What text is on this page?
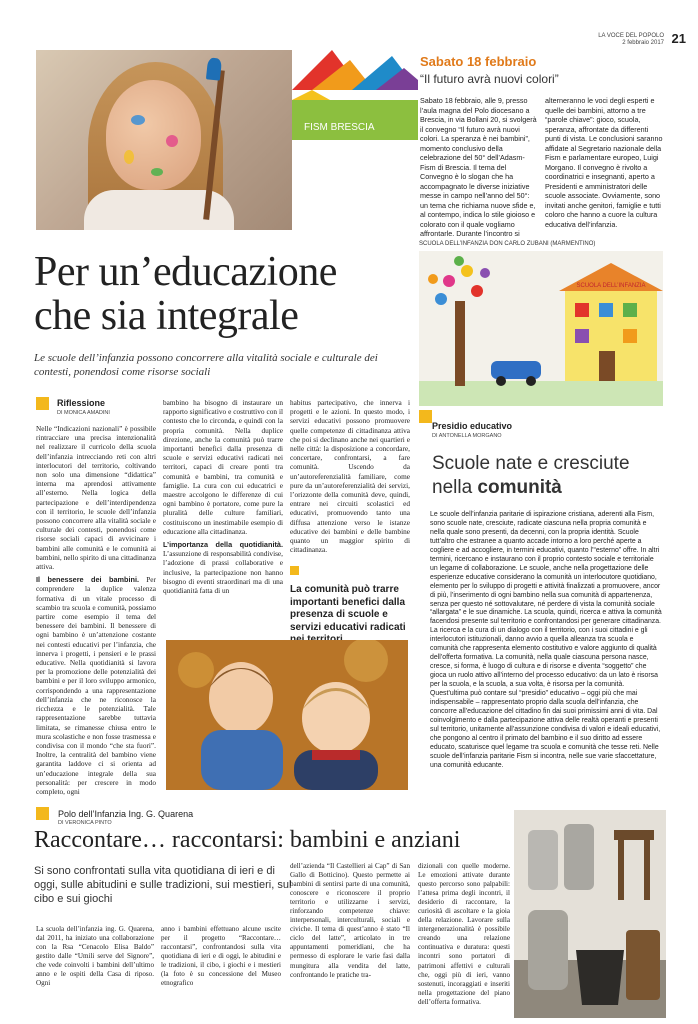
LA VOCE DEL POPOLO
2 febbraio 2017 21
FISM BRESCIA
Sabato 18 febbraio
“Il futuro avrà nuovi colori”

Sabato 18 febbraio, alle 9, presso l’aula magna del Polo diocesano a Brescia, in via Bollani 20, si svolgerà il convegno “Il futuro avrà nuovi colori. La speranza è nei bambini”, momento conclusivo della celebrazione del 50° dell’Adasm-Fism di Brescia. Il tema del Convegno è lo slogan che ha accompagnato le diverse iniziative messe in campo nell’anno del 50°: un tema che richiama nuove sfide e, al contempo, indica lo stile gioioso e colorato con il quale vogliamo affrontarle. Durante l’incontro si

alterneranno le voci degli esperti e quelle dei bambini, attorno a tre “parole chiave”: gioco, scuola, speranza, affrontate da differenti punti di vista. Le conclusioni saranno affidate al Segretario nazionale della Fism e parlamentare europeo, Luigi Morgano. Il convegno è rivolto a coordinatrici e insegnanti, aperto a Presidenti e amministratori delle scuole associate. Ovviamente, sono invitati anche genitori, famiglie e tutti coloro che hanno a cuore la cultura educativa dell’infanzia.

SCUOLA DELL’INFANZIA DON CARLO ZUBANI (MARMENTINO)
SCUOLA DELL’INFANZIA
Per un’educazione
che sia integrale
Le scuole dell’infanzia possono concorrere alla vitalità sociale e culturale dei contesti, ponendosi come risorse sociali
Riflessione
DI MONICA AMADINI

Nelle “Indicazioni nazionali” è possibile rintracciare una precisa intenzionalità nel realizzare il curricolo della scuola dell’infanzia intrecciando reti con altri interlocutori del territorio, coltivando non solo una dimensione “didattica” interna ma aprendosi attivamente all’esterno. Nella logica della partecipazione e dell’interdipendenza con il territorio, le scuole dell’infanzia possono concorrere alla vitalità sociale e culturale dei contesti, ponendosi come risorse sociali capaci di avvicinare i bambini alle comunità e le comunità ai bambini, nello spirito di una cittadinanza attiva.

Il benessere dei bambini. Per comprendere la duplice valenza formativa di un vitale processo di scambio tra scuola e comunità, possiamo partire come esempio il tema del benessere dei bambini. Il benessere di ogni bambino è un’attenzione costante nei contesti educativi per l’infanzia, che innerva i progetti, i pensieri e le prassi educative. Nella quotidianità si lavora per la promozione delle potenzialità dei bambini e per il loro sviluppo armonico, corrispondendo a una rappresentazione dell’infanzia che ne riconosce la ricchezza e le potenzialità. Tale rappresentazione sarebbe tuttavia limitata, se rimanesse chiusa entro le mura scolastiche e non fosse trasmessa e condivisa con il mondo “che sta fuori”. Inoltre, la centralità del bambino viene garantita laddove ci si orienta ad un’educazione integrale della sua personalità: per crescere in modo completo, ogni

bambino ha bisogno di instaurare un rapporto significativo e costruttivo con il contesto che lo circonda, e quindi con la propria comunità. Nella duplice direzione, anche la comunità può trarre importanti benefici dalla presenza di scuole e servizi educativi radicati nei territori, capaci di creare ponti tra comunità e bambini, tra comunità e famiglie. La cura con cui educatrici e maestre accolgono le differenze di cui ogni bambino è portatore, come pure la pluralità delle culture familiari, costituiscono un inestimabile esempio di educazione alla cittadinanza.

L’importanza della quotidianità. L’assunzione di responsabilità condivise, l’adozione di prassi collaborative e inclusive, la partecipazione non hanno bisogno di eventi straordinari ma di una quotidianità fatta di un

habitus partecipativo, che innerva i progetti e le azioni. In questo modo, i servizi educativi possono promuovere quelle competenze di cittadinanza attiva che poi si declinano anche nei quartieri e nelle città: la disposizione a concordare, concertare, confrontarsi, a fare comunità. Uscendo da un’autoreferenzialità familiare, come pure da un’autoreferenzialità dei servizi, l’orizzonte della comunità deve, quindi, entrare nei circuiti scolastici ed educativi, promuovendo tanto una diffusa attenzione verso le istanze educative dei bambini e delle bambine quanto un maggior spirito di cittadinanza.

La comunità può trarre importanti benefici dalla presenza di scuole e servizi educativi radicati
Presidio educativo
DI ANTONELLA MORGANO
Scuole nate e cresciute
nella comunità

Le scuole dell’infanzia paritarie di ispirazione cristiana, aderenti alla Fism, sono scuole nate, cresciute, radicate ciascuna nella propria comunità e nella quale sono presenti, da decenni, con la propria identità. Scuole tutt’altro che estranee a quanto accade intorno a loro perché aperte a cogliere e ad accogliere, in termini educativi, quanto l’“esterno” offre. In altri termini, ricercano e instaurano con il proprio contesto sociale e territoriale un legame di collaborazione. Le scuole, anche nella progettazione delle esperienze educative considerano la comunità un interlocutore quotidiano, elemento per lo sviluppo di progetti e attività finalizzati a promuovere, ancor di più, l’inserimento di ogni bambino nella sua comunità di appartenenza, senza per questo né sottovalutare, né perdere di vista la comunità sociale “allargata” e le sue dinamiche. La scuola, quindi, ricerca e attiva la comunità facendosi presente sul territorio e confrontandosi per generare cittadinanza. La ricerca e la cura di un dialogo con il territorio, con i suoi cittadini e gli interlocutori istituzionali, danno avvio a quella alleanza tra scuola e comunità che rappresenta elemento costitutivo e valore aggiunto di qualità dell’offerta formativa. La comunità, nella quale ciascuna persona nasce, cresce, si forma, è luogo di cultura e di risorse e diventa “soggetto” che gioca un ruolo attivo all’interno del processo educativo: da un lato è risorsa per la scuola, e la scuola, a sua volta, è risorsa per la comunità. Quest’ultima può contare sul “presidio” educativo – oggi più che mai indispensabile – rappresentato proprio dalla scuola dell’infanzia, che concorre all’educazione del cittadino fin dai suoi primissimi anni di vita. Dal coinvolgimento e dalla partecipazione attiva delle realtà operanti e presenti sul territorio, unitamente all’assunzione condivisa di valori e ideali educativi, che pongono al centro il primato del bambino e il suo diritto ad essere educato, scaturisce quel legame tra scuola e comunità che tesse reti. Nelle scuole dell’infanzia paritarie Fism si incontra, nelle sue varie sfaccettature, una comunità educante.

Polo dell’Infanzia Ing. G. Quarena
DI VERONICA PINTO
Raccontare… raccontarsi: bambini e anziani
Si sono confrontati sulla vita quotidiana di ieri e di oggi, sulle abitudini e sulle tradizioni, sui mestieri, sul cibo e sui giochi

La scuola dell’infanzia ing. G. Quarena, dal 2011, ha iniziato una collaborazione con la Rsa “Cenacolo Elisa Baldo” gestito dalle “Umili serve del Signore”, che vede coinvolti i bambini dell’ultimo anno e le ospiti della Casa di riposo. Ogni

anno i bambini effettuano alcune uscite per il progetto “Raccontare… raccontarsi”, confrontandosi sulla vita quotidiana di ieri e di oggi, le abitudini e le tradizioni, il cibo, i giochi e i mestieri (la foto è su concessione del Museo etnografico

dell’azienda “Il Castellieri ai Cap” di San Gallo di Botticino). Questo permette ai bambini di sentirsi parte di una comunità, conoscere e riconoscere il proprio territorio e utilizzarne i servizi, rinforzando competenze chiave: interpersonali, interculturali, sociali e civiche. Il tema di quest’anno è stato “Il ciclo del latte”, articolato in tre appuntamenti pomeridiani, che ha permesso di esplorare le varie fasi dalla mungitura alla vendita del latte, confrontando le pratiche tra-

dizionali con quelle moderne. Le emozioni attivate durante questo percorso sono palpabili: l’attesa prima degli incontri, il desiderio di raccontare, la curiosità di ascoltare e la gioia della relazione. Lavorare sulla intergenerazionalità è possibile creando una relazione continuativa e duratura: questi incontri sono portatori di patrimoni affettivi e culturali che, oggi più di ieri, vanno sostenuti, incoraggiati e inseriti nella progettazione del piano dell’offerta formativa.
